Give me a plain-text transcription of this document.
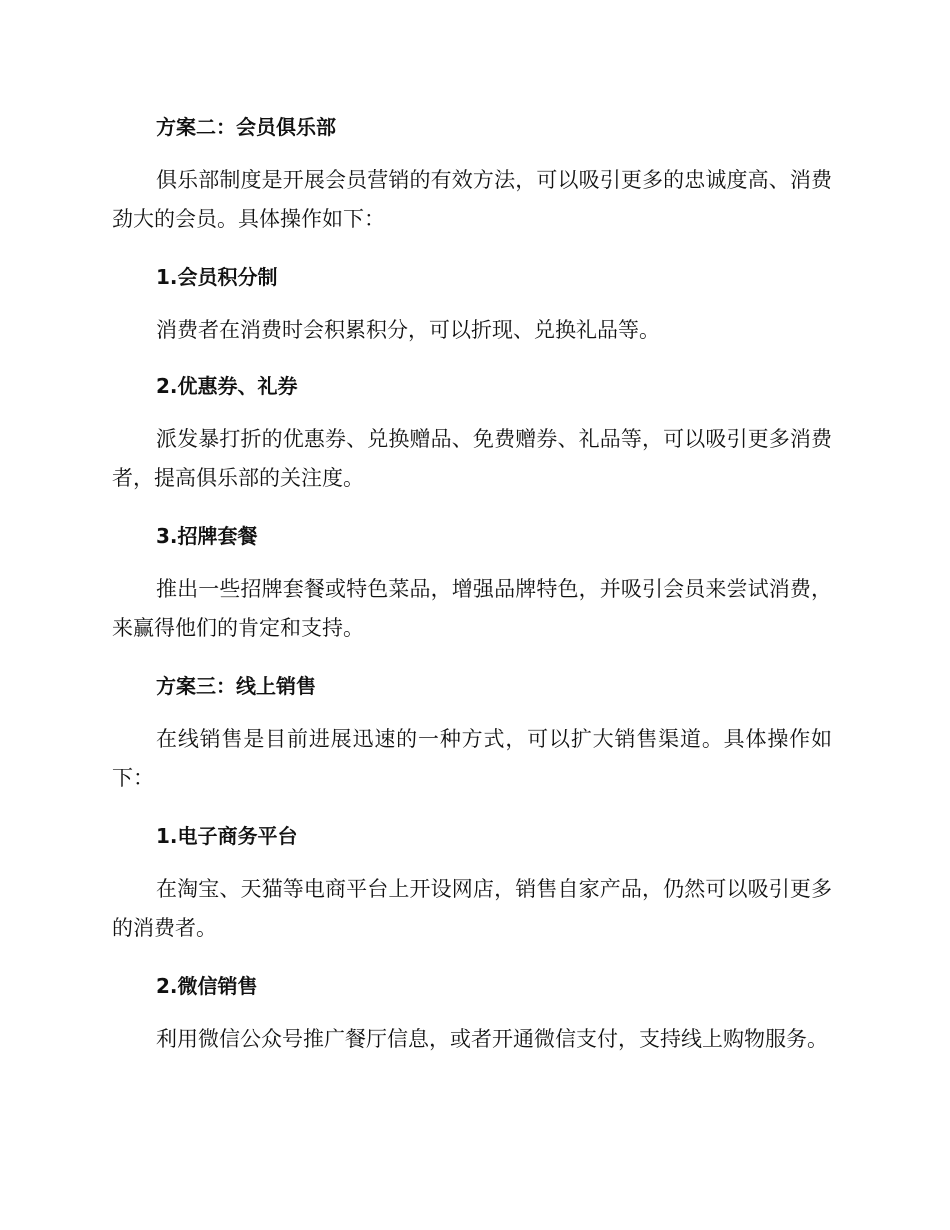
方案二：会员俱乐部

俱乐部制度是开展会员营销的有效方法，可以吸引更多的忠诚度高、消费劲大的会员。具体操作如下：

1.会员积分制

消费者在消费时会积累积分，可以折现、兑换礼品等。

2.优惠券、礼券

派发暴打折的优惠券、兑换赠品、免费赠券、礼品等，可以吸引更多消费者，提高俱乐部的关注度。

3.招牌套餐

推出一些招牌套餐或特色菜品，增强品牌特色，并吸引会员来尝试消费，来赢得他们的肯定和支持。

方案三：线上销售

在线销售是目前进展迅速的一种方式，可以扩大销售渠道。具体操作如下：

1.电子商务平台

在淘宝、天猫等电商平台上开设网店，销售自家产品，仍然可以吸引更多的消费者。

2.微信销售

利用微信公众号推广餐厅信息，或者开通微信支付，支持线上购物服务。
